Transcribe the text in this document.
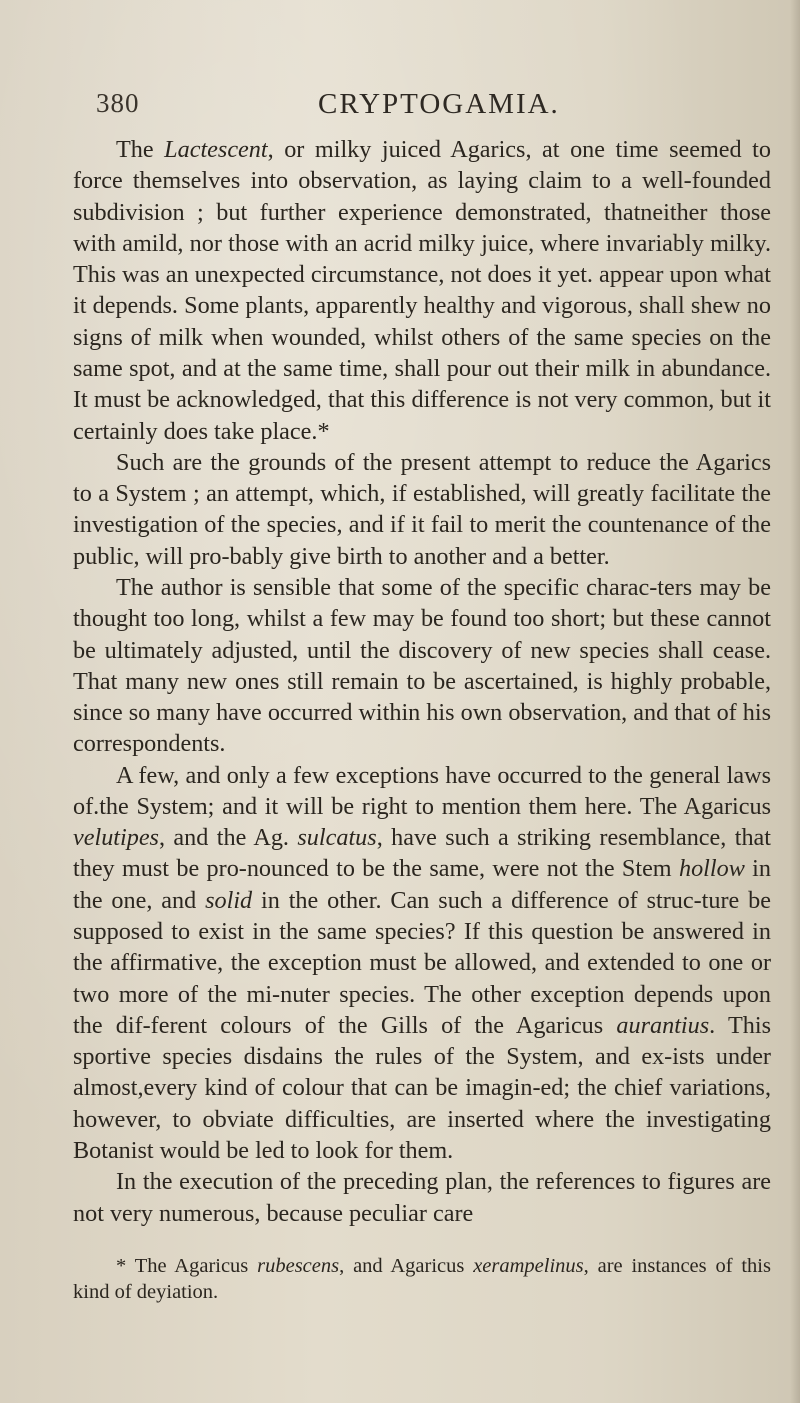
380	CRYPTOGAMIA.

The Lactescent, or milky juiced Agarics, at one time seemed to force themselves into observation, as laying claim to a well-founded subdivision ; but further experience demonstrated, thatneither those with amild, nor those with an acrid milky juice, where invariably milky. This was an unexpected circumstance, not does it yet. appear upon what it depends. Some plants, apparently healthy and vigorous, shall shew no signs of milk when wounded, whilst others of the same species on the same spot, and at the same time, shall pour out their milk in abundance. It must be acknowledged, that this difference is not very common, but it certainly does take place.*

Such are the grounds of the present attempt to reduce the Agarics to a System ; an attempt, which, if established, will greatly facilitate the investigation of the species, and if it fail to merit the countenance of the public, will pro-bably give birth to another and a better.

The author is sensible that some of the specific charac-ters may be thought too long, whilst a few may be found too short; but these cannot be ultimately adjusted, until the discovery of new species shall cease. That many new ones still remain to be ascertained, is highly probable, since so many have occurred within his own observation, and that of his correspondents.

A few, and only a few exceptions have occurred to the general laws of.the System; and it will be right to mention them here. The Agaricus velutipes, and the Ag. sulcatus, have such a striking resemblance, that they must be pro-nounced to be the same, were not the Stem hollow in the one, and solid in the other. Can such a difference of struc-ture be supposed to exist in the same species? If this question be answered in the affirmative, the exception must be allowed, and extended to one or two more of the mi-nuter species. The other exception depends upon the dif-ferent colours of the Gills of the Agaricus aurantius. This sportive species disdains the rules of the System, and ex-ists under almost,every kind of colour that can be imagin-ed; the chief variations, however, to obviate difficulties, are inserted where the investigating Botanist would be led to look for them.

In the execution of the preceding plan, the references to figures are not very numerous, because peculiar care

* The Agaricus rubescens, and Agaricus xerampelinus, are instances of this kind of deyiation.
